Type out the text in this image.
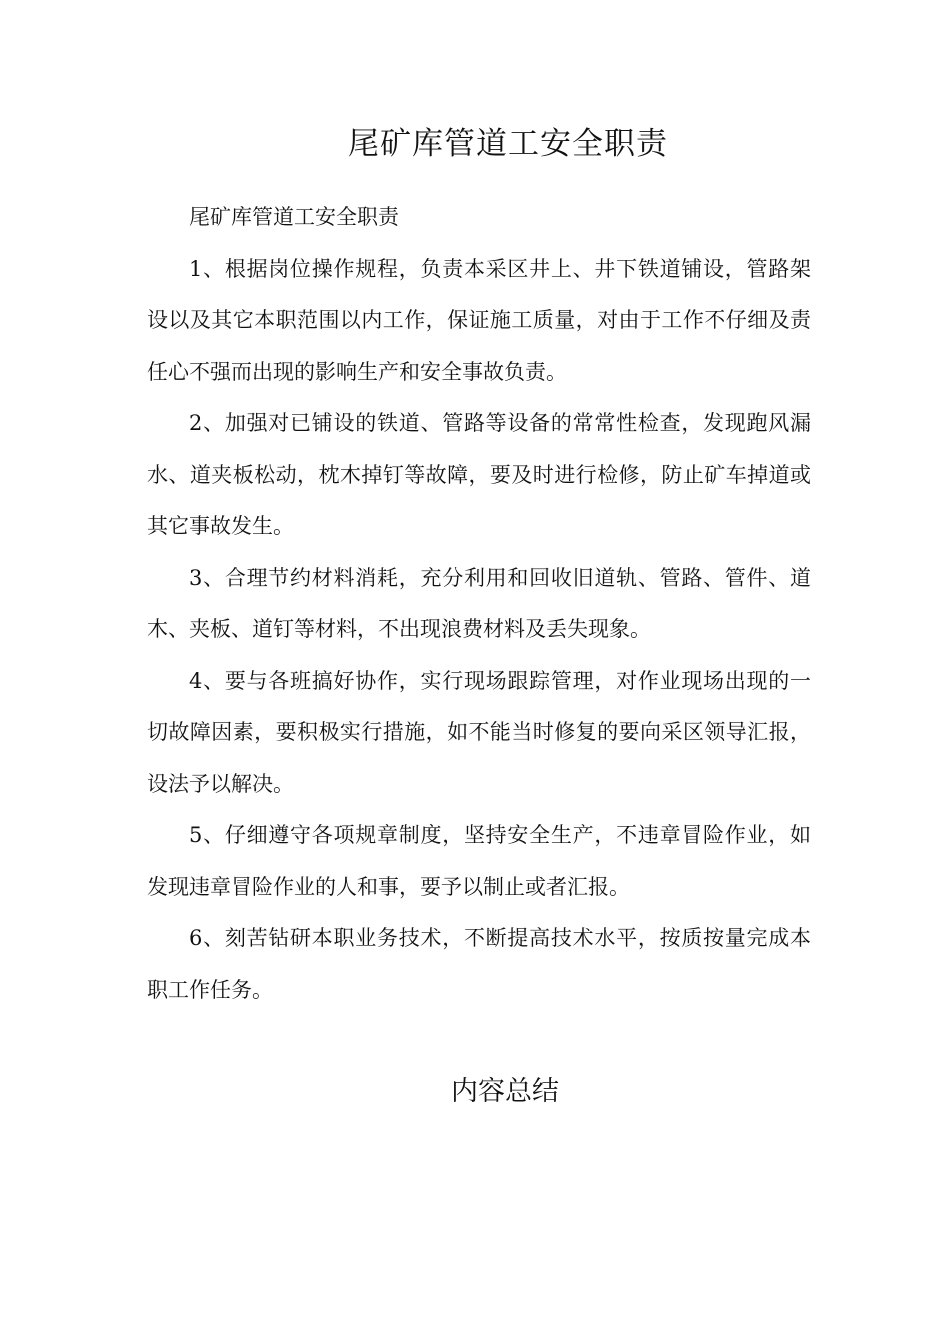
尾矿库管道工安全职责

尾矿库管道工安全职责

1、根据岗位操作规程，负责本采区井上、井下铁道铺设，管路架设以及其它本职范围以内工作，保证施工质量，对由于工作不仔细及责任心不强而出现的影响生产和安全事故负责。

2、加强对已铺设的铁道、管路等设备的常常性检查，发现跑风漏水、道夹板松动，枕木掉钉等故障，要及时进行检修，防止矿车掉道或其它事故发生。

3、合理节约材料消耗，充分利用和回收旧道轨、管路、管件、道木、夹板、道钉等材料，不出现浪费材料及丢失现象。

4、要与各班搞好协作，实行现场跟踪管理，对作业现场出现的一切故障因素，要积极实行措施，如不能当时修复的要向采区领导汇报，设法予以解决。

5、仔细遵守各项规章制度，坚持安全生产，不违章冒险作业，如发现违章冒险作业的人和事，要予以制止或者汇报。

6、刻苦钻研本职业务技术，不断提高技术水平，按质按量完成本职工作任务。

内容总结
